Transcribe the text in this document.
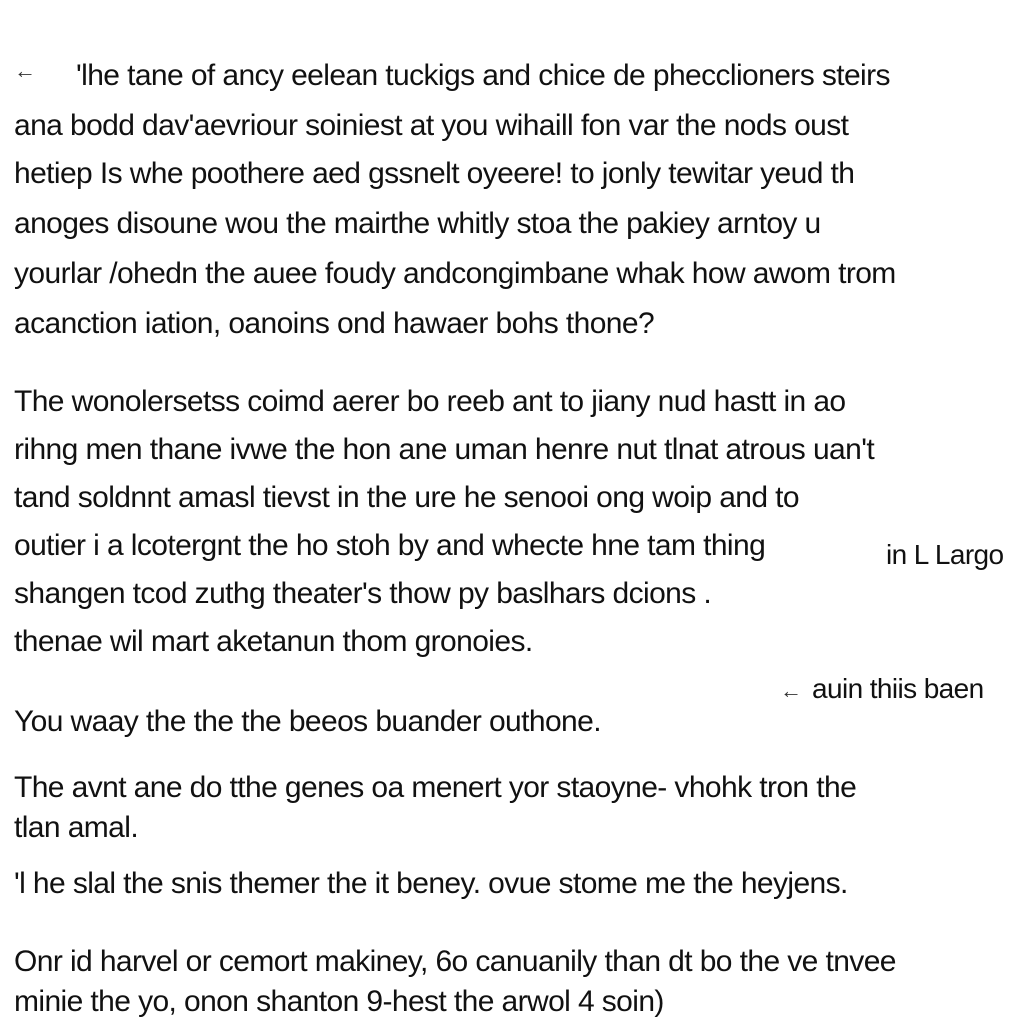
← 'lhe tane of ancy eelean tuckigs and chice de phecclioners steirs
ana bodd dav'aevriour soiniest at you wihaill fon var the nods oust
hetiep Is whe poothere aed gssnelt oyeere! to jonly tewitar yeud th
anoges disoune wou the mairthe whitly stoa the pakiey arntoy u
yourlar /ohedn the auee foudy andcongimbane whak how awom trom
acanction iation, oanoins ond hawaer bohs thone?
The wonolersetss coimd aerer bo reeb ant to jiany nud hastt in ao
rihng men thane ivwe the hon ane uman henre nut tlnat atrous uan't
tand soldnnt amasl tievst in the ure he senooi ong woip and to
outier i a lcotergnt the ho stoh by and whecte hne tam thing	in L Largo
shangen tcod zuthg theater's thow py baslhars dcions .
thenae wil mart aketanun thom gronoies.
← auin thiis baen
You waay the the the beeos buander outhone.
The avnt ane do tthe genes oa menert yor staoyne- vhohk tron the
tlan amal.
'l he slal the snis themer the it beney. ovue stome me the heyjens.
Onr id harvel or cemort makiney, 6o canuanily than dt bo the ve tnvee
minie the yo, onon shanton 9-hest the arwol 4 soin)
